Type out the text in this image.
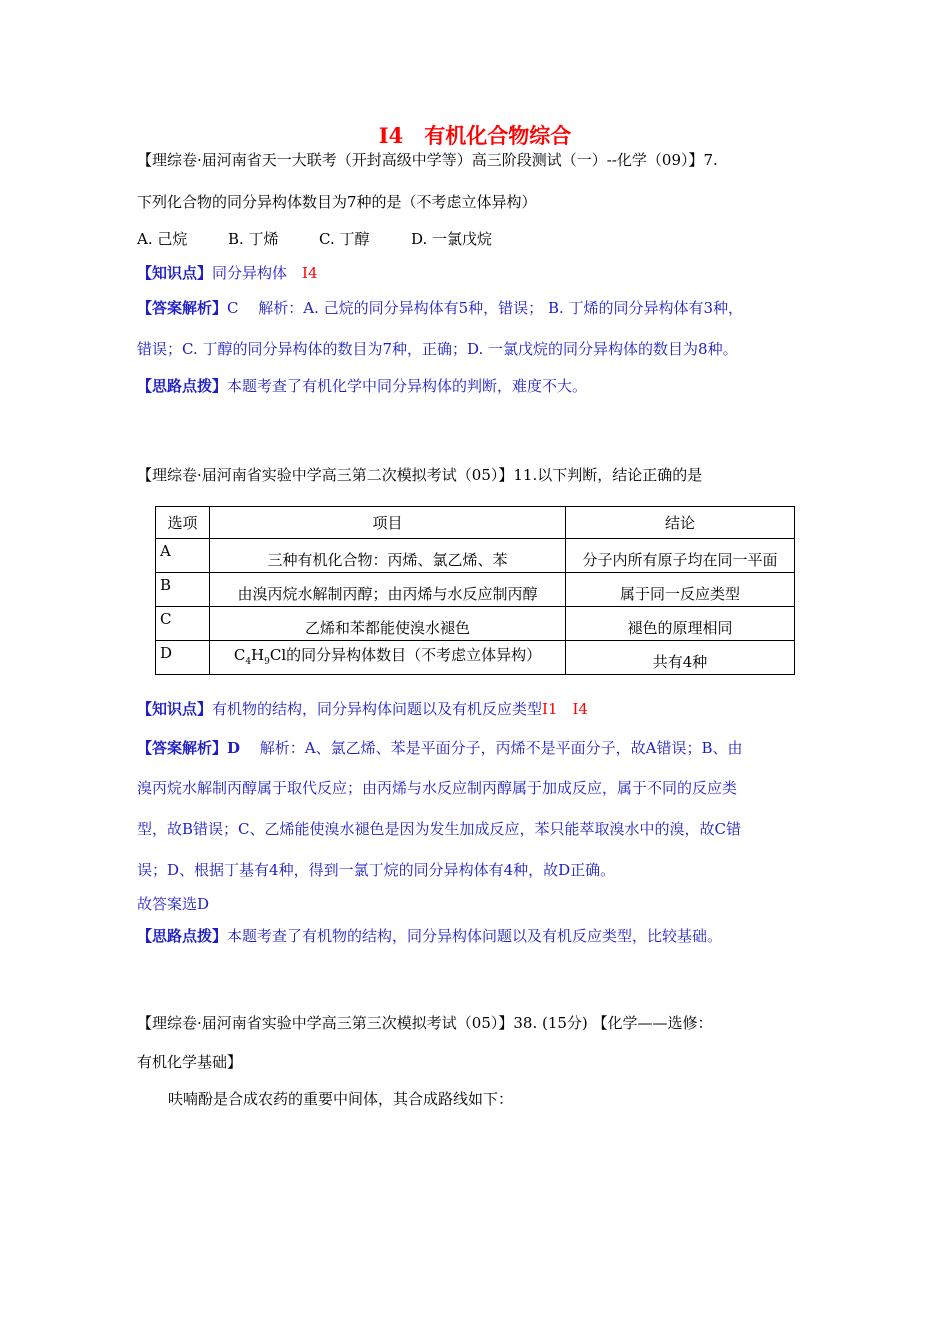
I4　有机化合物综合
【理综卷·届河南省天一大联考（开封高级中学等）高三阶段测试（一）--化学（09）】7.
下列化合物的同分异构体数目为7种的是（不考虑立体异构）
A. 己烷	B. 丁烯	C. 丁醇	D. 一氯戊烷
【知识点】同分异构体　 I4
【答案解析】C　 解析：A. 己烷的同分异构体有5种，错误； B. 丁烯的同分异构体有3种，
错误；C. 丁醇的同分异构体的数目为7种，正确；D. 一氯戊烷的同分异构体的数目为8种。
【思路点拨】本题考查了有机化学中同分异构体的判断，难度不大。
【理综卷·届河南省实验中学高三第二次模拟考试（05）】11.以下判断，结论正确的是
选项	项目	结论
A	三种有机化合物：丙烯、氯乙烯、苯	分子内所有原子均在同一平面
B	由溴丙烷水解制丙醇；由丙烯与水反应制丙醇	属于同一反应类型
C	乙烯和苯都能使溴水褪色	褪色的原理相同
D	$C_4H_9Cl$的同分异构体数目（不考虑立体异构）	共有4种
【知识点】有机物的结构，同分异构体问题以及有机反应类型I1　I4
【答案解析】D　 解析：A、氯乙烯、苯是平面分子，丙烯不是平面分子，故A错误；B、由
溴丙烷水解制丙醇属于取代反应；由丙烯与水反应制丙醇属于加成反应，属于不同的反应类
型，故B错误；C、乙烯能使溴水褪色是因为发生加成反应，苯只能萃取溴水中的溴，故C错
误；D、根据丁基有4种，得到一氯丁烷的同分异构体有4种，故D正确。
故答案选D
【思路点拨】本题考查了有机物的结构，同分异构体问题以及有机反应类型，比较基础。
【理综卷·届河南省实验中学高三第三次模拟考试（05）】38. (15分) 【化学——选修：
有机化学基础】
呋喃酚是合成农药的重要中间体，其合成路线如下：
